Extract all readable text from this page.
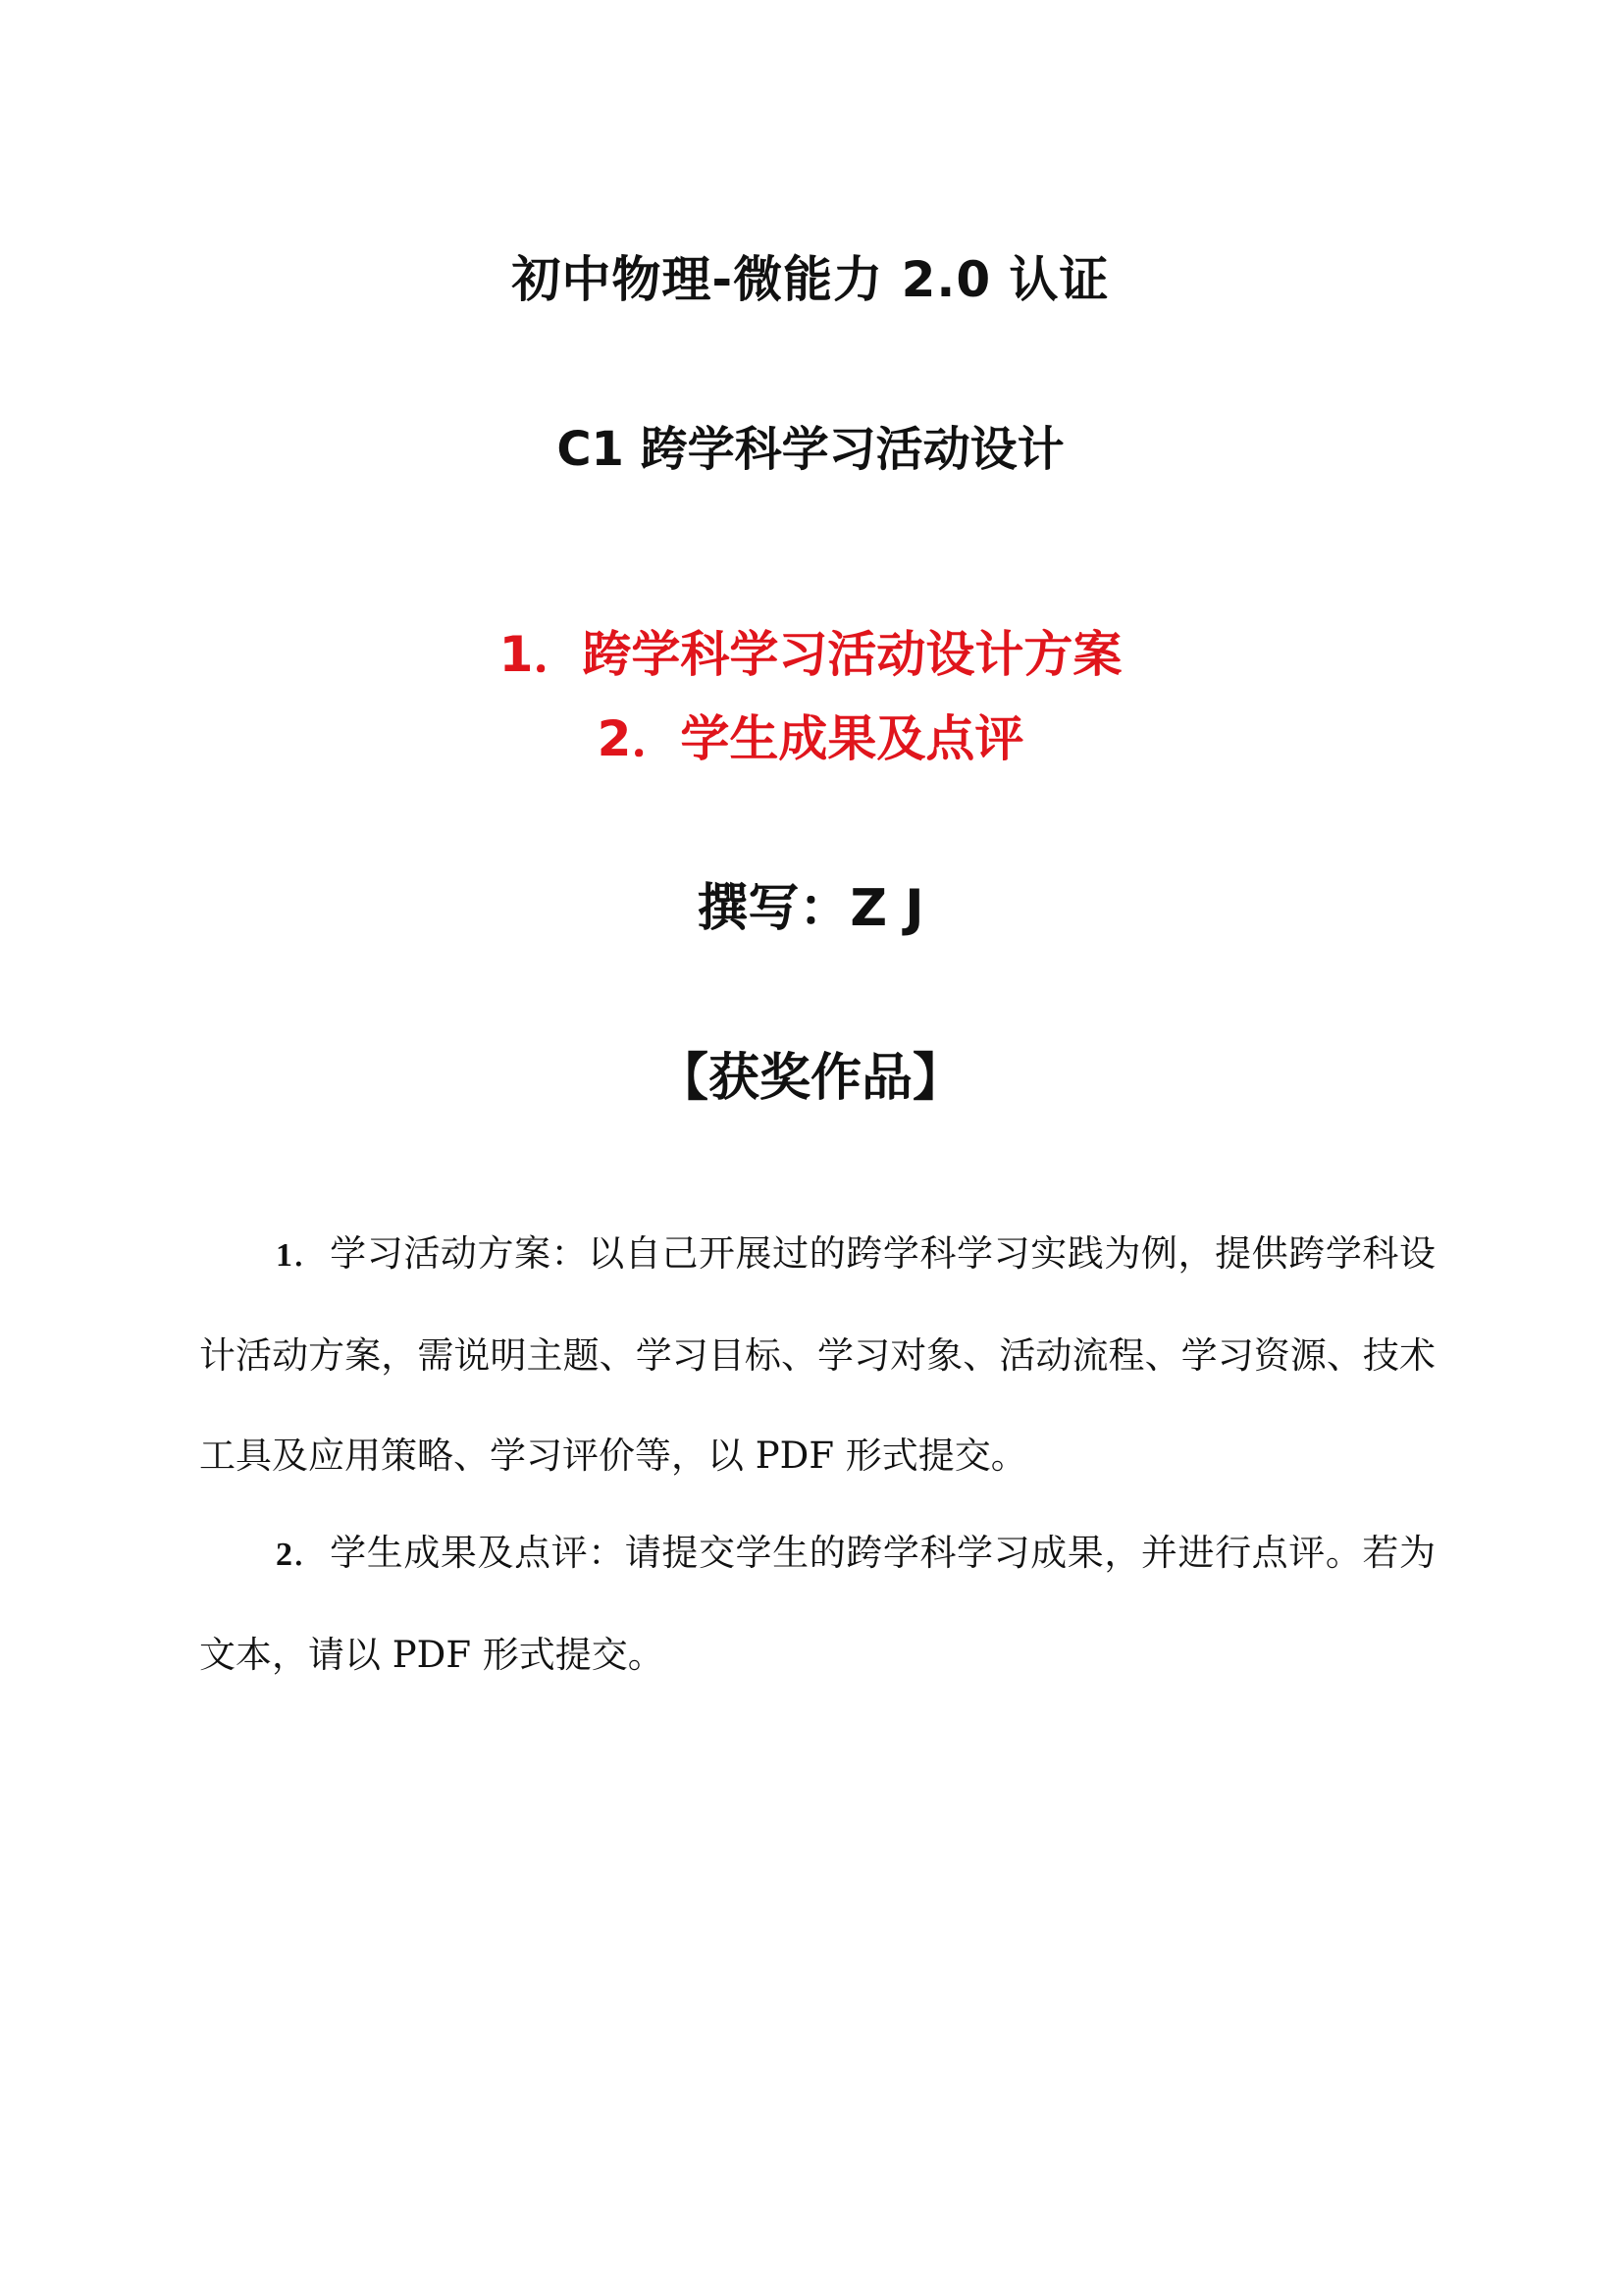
初中物理-微能力 2.0 认证
C1 跨学科学习活动设计
1．跨学科学习活动设计方案
2．学生成果及点评
撰写：Z J
【获奖作品】

1．学习活动方案：以自己开展过的跨学科学习实践为例，提供跨学科设计活动方案，需说明主题、学习目标、学习对象、活动流程、学习资源、技术工具及应用策略、学习评价等，以 PDF 形式提交。

2．学生成果及点评：请提交学生的跨学科学习成果，并进行点评。若为文本，请以 PDF 形式提交。
